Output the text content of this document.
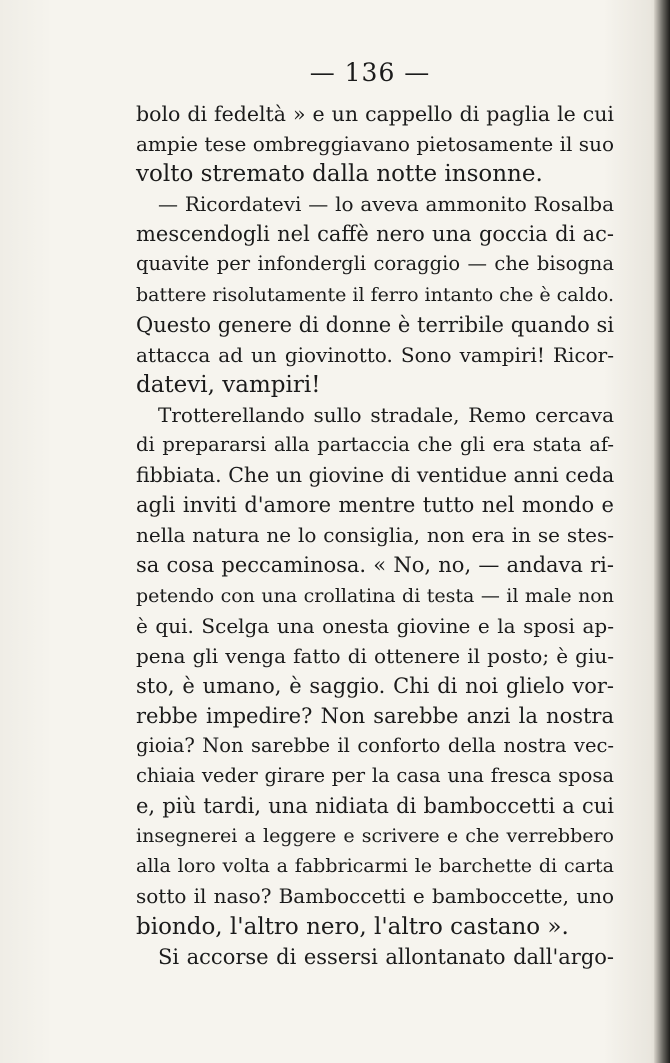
— 136 —
bolo di fedeltà » e un cappello di paglia le cui
ampie tese ombreggiavano pietosamente il suo
volto stremato dalla notte insonne.
— Ricordatevi — lo aveva ammonito Rosalba
mescendogli nel caffè nero una goccia di ac-
quavite per infondergli coraggio — che bisogna
battere risolutamente il ferro intanto che è caldo.
Questo genere di donne è terribile quando si
attacca ad un giovinotto. Sono vampiri! Ricor-
datevi, vampiri!
Trotterellando sullo stradale, Remo cercava
di prepararsi alla partaccia che gli era stata af-
fibbiata. Che un giovine di ventidue anni ceda
agli inviti d'amore mentre tutto nel mondo e
nella natura ne lo consiglia, non era in se stes-
sa cosa peccaminosa. « No, no, — andava ri-
petendo con una crollatina di testa — il male non
è qui. Scelga una onesta giovine e la sposi ap-
pena gli venga fatto di ottenere il posto; è giu-
sto, è umano, è saggio. Chi di noi glielo vor-
rebbe impedire? Non sarebbe anzi la nostra
gioia? Non sarebbe il conforto della nostra vec-
chiaia veder girare per la casa una fresca sposa
e, più tardi, una nidiata di bamboccetti a cui
insegnerei a leggere e scrivere e che verrebbero
alla loro volta a fabbricarmi le barchette di carta
sotto il naso? Bamboccetti e bamboccette, uno
biondo, l'altro nero, l'altro castano ».
Si accorse di essersi allontanato dall'argo-
